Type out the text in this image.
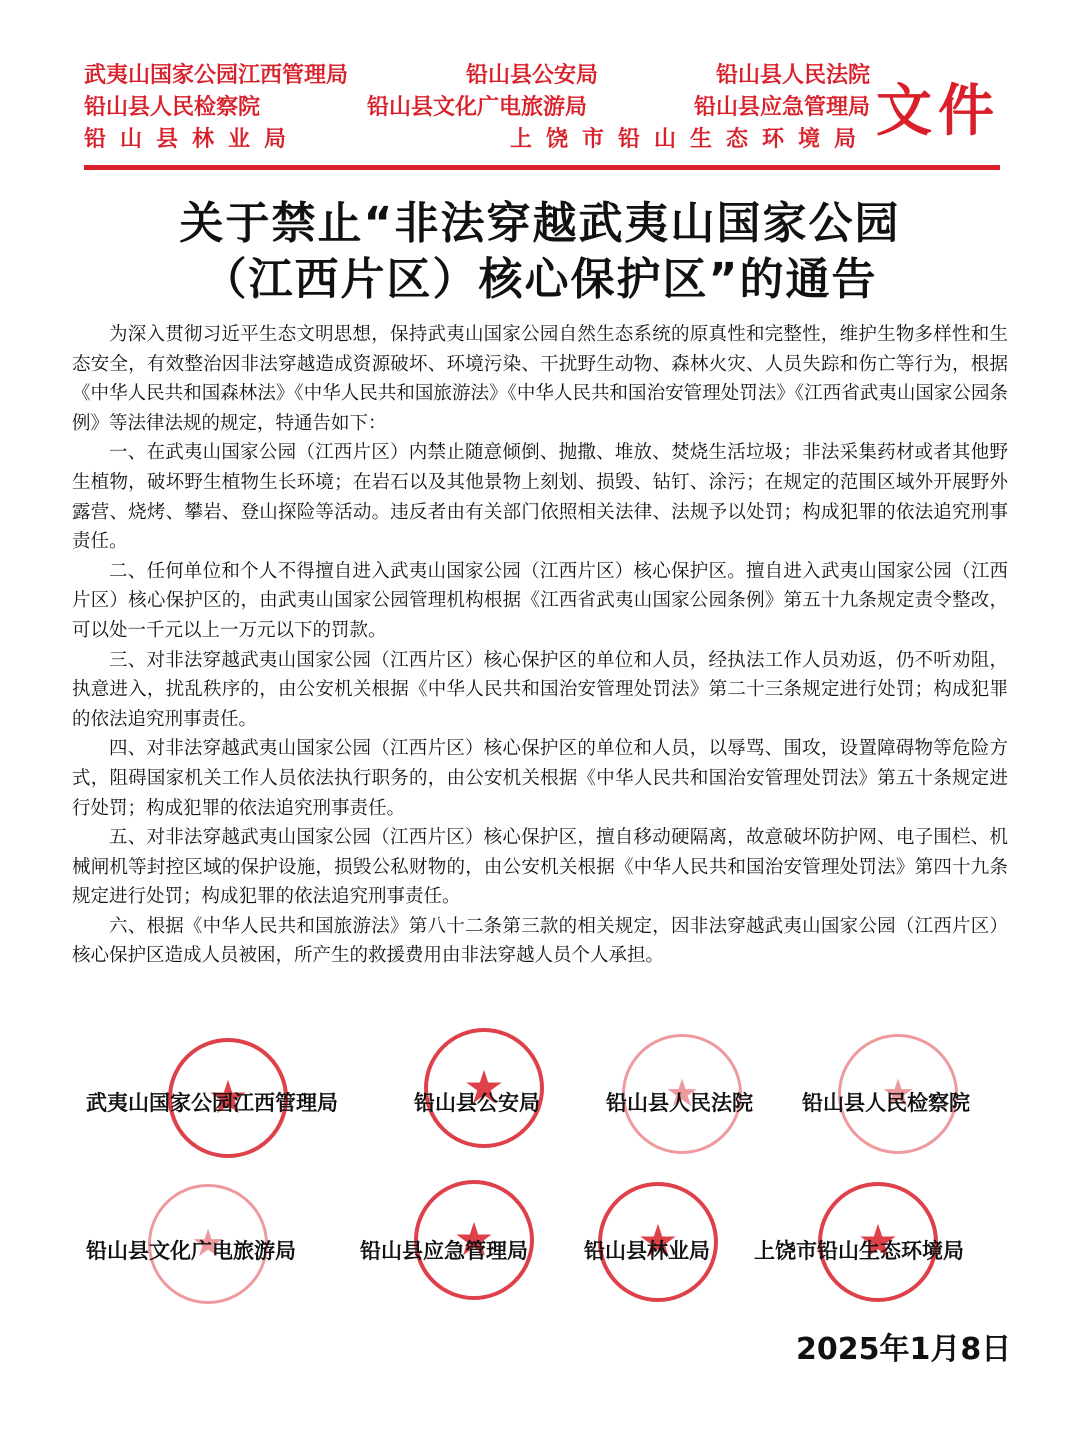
武夷山国家公园江西管理局	铅山县公安局	铅山县人民法院
铅山县人民检察院	铅山县文化广电旅游局	铅山县应急管理局
铅山县林业局	上饶市铅山生态环境局 文件
关于禁止“非法穿越武夷山国家公园
（江西片区）核心保护区”的通告

为深入贯彻习近平生态文明思想，保持武夷山国家公园自然生态系统的原真性和完整性，维护生物多样性和生态安全，有效整治因非法穿越造成资源破坏、环境污染、干扰野生动物、森林火灾、人员失踪和伤亡等行为，根据《中华人民共和国森林法》《中华人民共和国旅游法》《中华人民共和国治安管理处罚法》《江西省武夷山国家公园条例》等法律法规的规定，特通告如下：

一、在武夷山国家公园（江西片区）内禁止随意倾倒、抛撒、堆放、焚烧生活垃圾；非法采集药材或者其他野生植物，破坏野生植物生长环境；在岩石以及其他景物上刻划、损毁、钻钉、涂污；在规定的范围区域外开展野外露营、烧烤、攀岩、登山探险等活动。违反者由有关部门依照相关法律、法规予以处罚；构成犯罪的依法追究刑事责任。

二、任何单位和个人不得擅自进入武夷山国家公园（江西片区）核心保护区。擅自进入武夷山国家公园（江西片区）核心保护区的，由武夷山国家公园管理机构根据《江西省武夷山国家公园条例》第五十九条规定责令整改，可以处一千元以上一万元以下的罚款。

三、对非法穿越武夷山国家公园（江西片区）核心保护区的单位和人员，经执法工作人员劝返，仍不听劝阻，执意进入，扰乱秩序的，由公安机关根据《中华人民共和国治安管理处罚法》第二十三条规定进行处罚；构成犯罪的依法追究刑事责任。

四、对非法穿越武夷山国家公园（江西片区）核心保护区的单位和人员，以辱骂、围攻，设置障碍物等危险方式，阻碍国家机关工作人员依法执行职务的，由公安机关根据《中华人民共和国治安管理处罚法》第五十条规定进行处罚；构成犯罪的依法追究刑事责任。

五、对非法穿越武夷山国家公园（江西片区）核心保护区，擅自移动硬隔离，故意破坏防护网、电子围栏、机械闸机等封控区域的保护设施，损毁公私财物的，由公安机关根据《中华人民共和国治安管理处罚法》第四十九条规定进行处罚；构成犯罪的依法追究刑事责任。

六、根据《中华人民共和国旅游法》第八十二条第三款的相关规定，因非法穿越武夷山国家公园（江西片区）核心保护区造成人员被困，所产生的救援费用由非法穿越人员个人承担。

★
★
★
★
★
★
★
★
武夷山国家公园江西管理局	铅山县公安局	铅山县人民法院 铅山县人民检察院
铅山县文化广电旅游局	铅山县应急管理局	铅山县林业局 上饶市铅山生态环境局
2025年1月8日
